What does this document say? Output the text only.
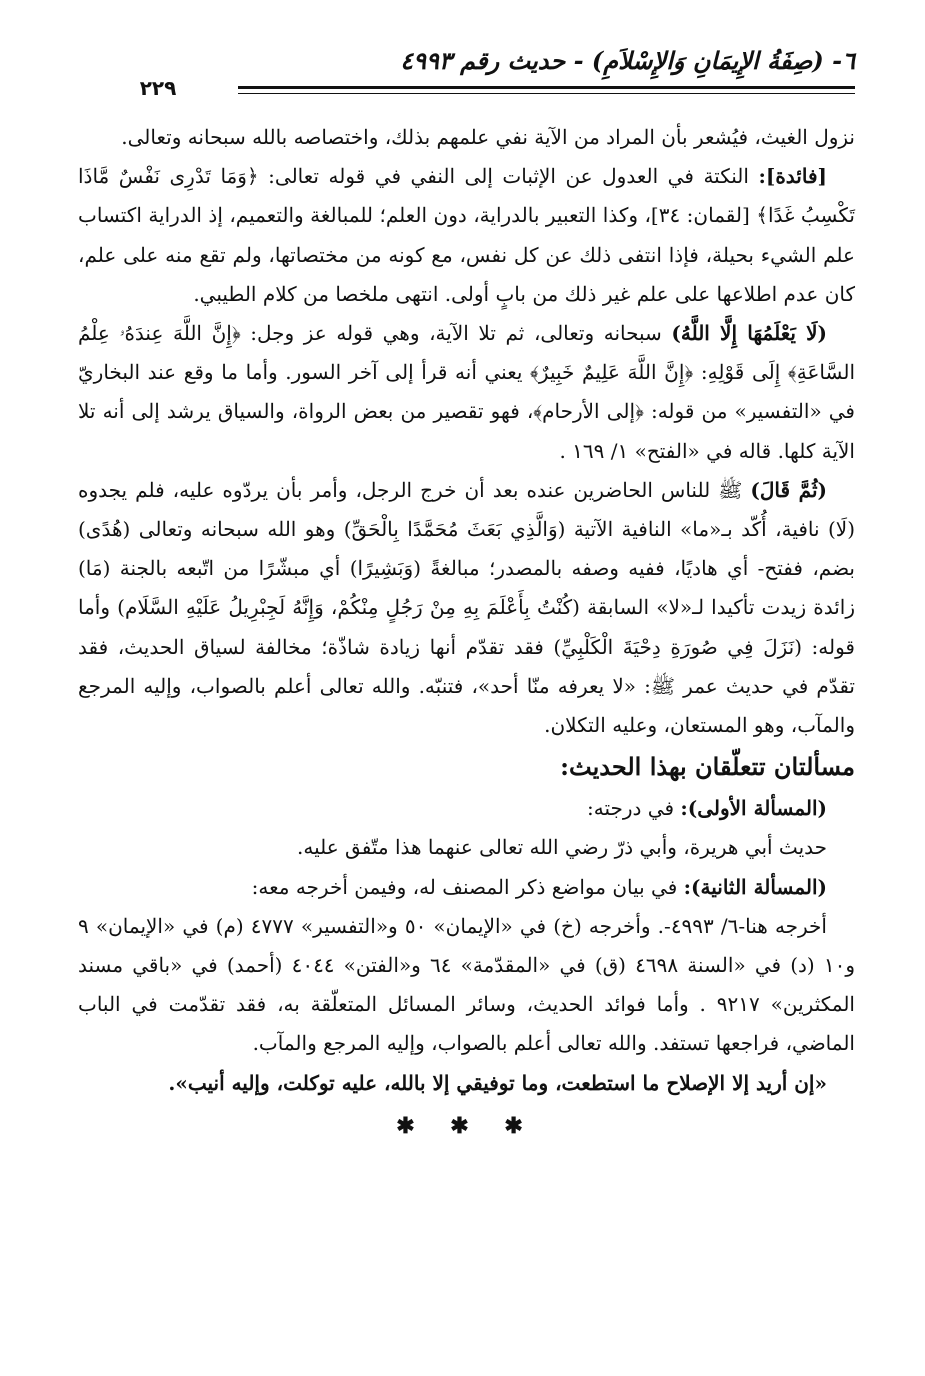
٦- (صِفَةُ الإِيمَانِ وَالإِسْلاَمِ) - حديث رقم ٤٩٩٣
٢٢٩

نزول الغيث، فيُشعر بأن المراد من الآية نفي علمهم بذلك، واختصاصه بالله سبحانه وتعالى.

[فائدة]: النكتة في العدول عن الإثبات إلى النفي في قوله تعالى: ﴿وَمَا تَدْرِى نَفْسٌ مَّاذَا تَكْسِبُ غَدًا﴾ [لقمان: ٣٤]، وكذا التعبير بالدراية، دون العلم؛ للمبالغة والتعميم، إذ الدراية اكتساب علم الشيء بحيلة، فإذا انتفى ذلك عن كل نفس، مع كونه من مختصاتها، ولم تقع منه على علم، كان عدم اطلاعها على علم غير ذلك من بابٍ أولى. انتهى ملخصا من كلام الطيبي.

(لَا يَعْلَمُهَا إِلَّا اللَّهُ) سبحانه وتعالى، ثم تلا الآية، وهي قوله عز وجل: ﴿إِنَّ اللَّهَ عِندَهُۥ عِلْمُ السَّاعَةِ﴾ إِلَى قَوْلِهِ: ﴿إِنَّ اللَّهَ عَلِيمٌ خَبِيرٌ﴾ يعني أنه قرأ إلى آخر السور. وأما ما وقع عند البخاريّ في «التفسير» من قوله: ﴿إلى الأرحام﴾، فهو تقصير من بعض الرواة، والسياق يرشد إلى أنه تلا الآية كلها. قاله في «الفتح» ١/ ١٦٩ .

(ثُمَّ قَالَ) ﷺ للناس الحاضرين عنده بعد أن خرج الرجل، وأمر بأن يردّوه عليه، فلم يجدوه (لَا) نافية، أُكّد بـ«ما» النافية الآتية (وَالَّذِي بَعَثَ مُحَمَّدًا بِالْحَقِّ) وهو الله سبحانه وتعالى (هُدًى) بضم، ففتح- أي هاديًا، ففيه وصفه بالمصدر؛ مبالغةً (وَبَشِيرًا) أي مبشّرًا من اتّبعه بالجنة (مَا) زائدة زيدت تأكيدا لـ«لا» السابقة (كُنْتُ بِأَعْلَمَ بِهِ مِنْ رَجُلٍ مِنْكُمْ، وَإِنَّهُ لَجِبْرِيلُ عَلَيْهِ السَّلَام) وأما قوله: (نَزَلَ فِي صُورَةِ دِحْيَةَ الْكَلْبِيِّ) فقد تقدّم أنها زيادة شاذّة؛ مخالفة لسياق الحديث، فقد تقدّم في حديث عمر ﷺ: «لا يعرفه منّا أحد»، فتنبّه. والله تعالى أعلم بالصواب، وإليه المرجع والمآب، وهو المستعان، وعليه التكلان.

مسألتان تتعلّقان بهذا الحديث:

(المسألة الأولى): في درجته:

حديث أبي هريرة، وأبي ذرّ رضي الله تعالى عنهما هذا متّفق عليه.

(المسألة الثانية): في بيان مواضع ذكر المصنف له، وفيمن أخرجه معه:

أخرجه هنا-٦/ ٤٩٩٣-. وأخرجه (خ) في «الإيمان» ٥٠ و«التفسير» ٤٧٧٧ (م) في «الإيمان» ٩ و١٠ (د) في «السنة ٤٦٩٨ (ق) في «المقدّمة» ٦٤ و«الفتن» ٤٠٤٤ (أحمد) في «باقي مسند المكثرين» ٩٢١٧ . وأما فوائد الحديث، وسائر المسائل المتعلّقة به، فقد تقدّمت في الباب الماضي، فراجعها تستفد. والله تعالى أعلم بالصواب، وإليه المرجع والمآب.

«إن أريد إلا الإصلاح ما استطعت، وما توفيقي إلا بالله، عليه توكلت، وإليه أنيب».

✱ ✱ ✱
